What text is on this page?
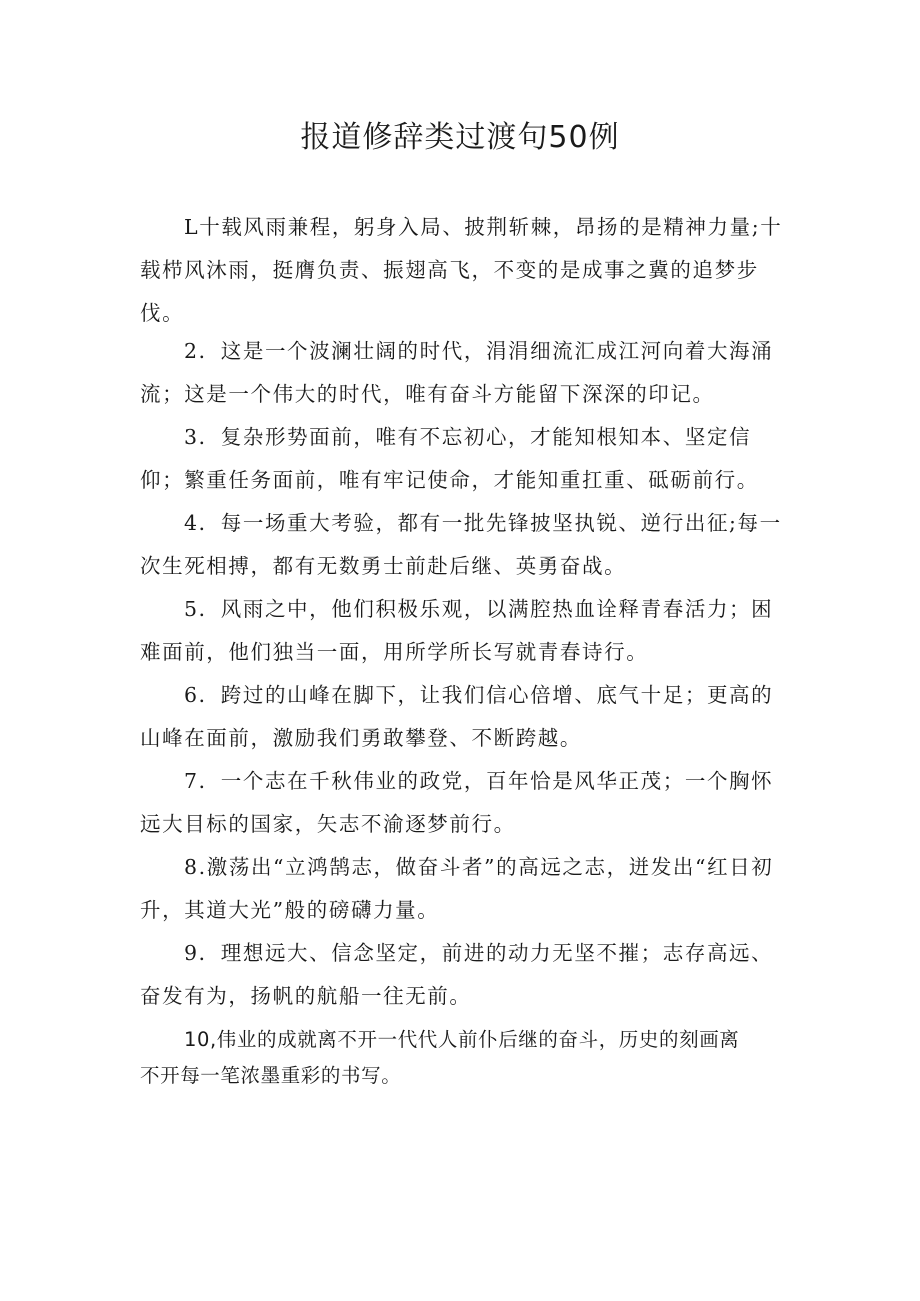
报道修辞类过渡句50例

L十载风雨兼程，躬身入局、披荆斩棘，昂扬的是精神力量;十载栉风沐雨，挺膺负责、振翅高飞，不变的是成事之冀的追梦步伐。

2．这是一个波澜壮阔的时代，涓涓细流汇成江河向着大海涌流；这是一个伟大的时代，唯有奋斗方能留下深深的印记。

3．复杂形势面前，唯有不忘初心，才能知根知本、坚定信仰；繁重任务面前，唯有牢记使命，才能知重扛重、砥砺前行。

4．每一场重大考验，都有一批先锋披坚执锐、逆行出征;每一次生死相搏，都有无数勇士前赴后继、英勇奋战。

5．风雨之中，他们积极乐观，以满腔热血诠释青春活力；困难面前，他们独当一面，用所学所长写就青春诗行。

6．跨过的山峰在脚下，让我们信心倍增、底气十足；更高的山峰在面前，激励我们勇敢攀登、不断跨越。

7．一个志在千秋伟业的政党，百年恰是风华正茂；一个胸怀远大目标的国家，矢志不渝逐梦前行。

8.激荡出“立鸿鹄志，做奋斗者”的高远之志，迸发出“红日初升，其道大光”般的磅礴力量。

9．理想远大、信念坚定，前进的动力无坚不摧；志存高远、奋发有为，扬帆的航船一往无前。

10,伟业的成就离不开一代代人前仆后继的奋斗，历史的刻画离不开每一笔浓墨重彩的书写。
